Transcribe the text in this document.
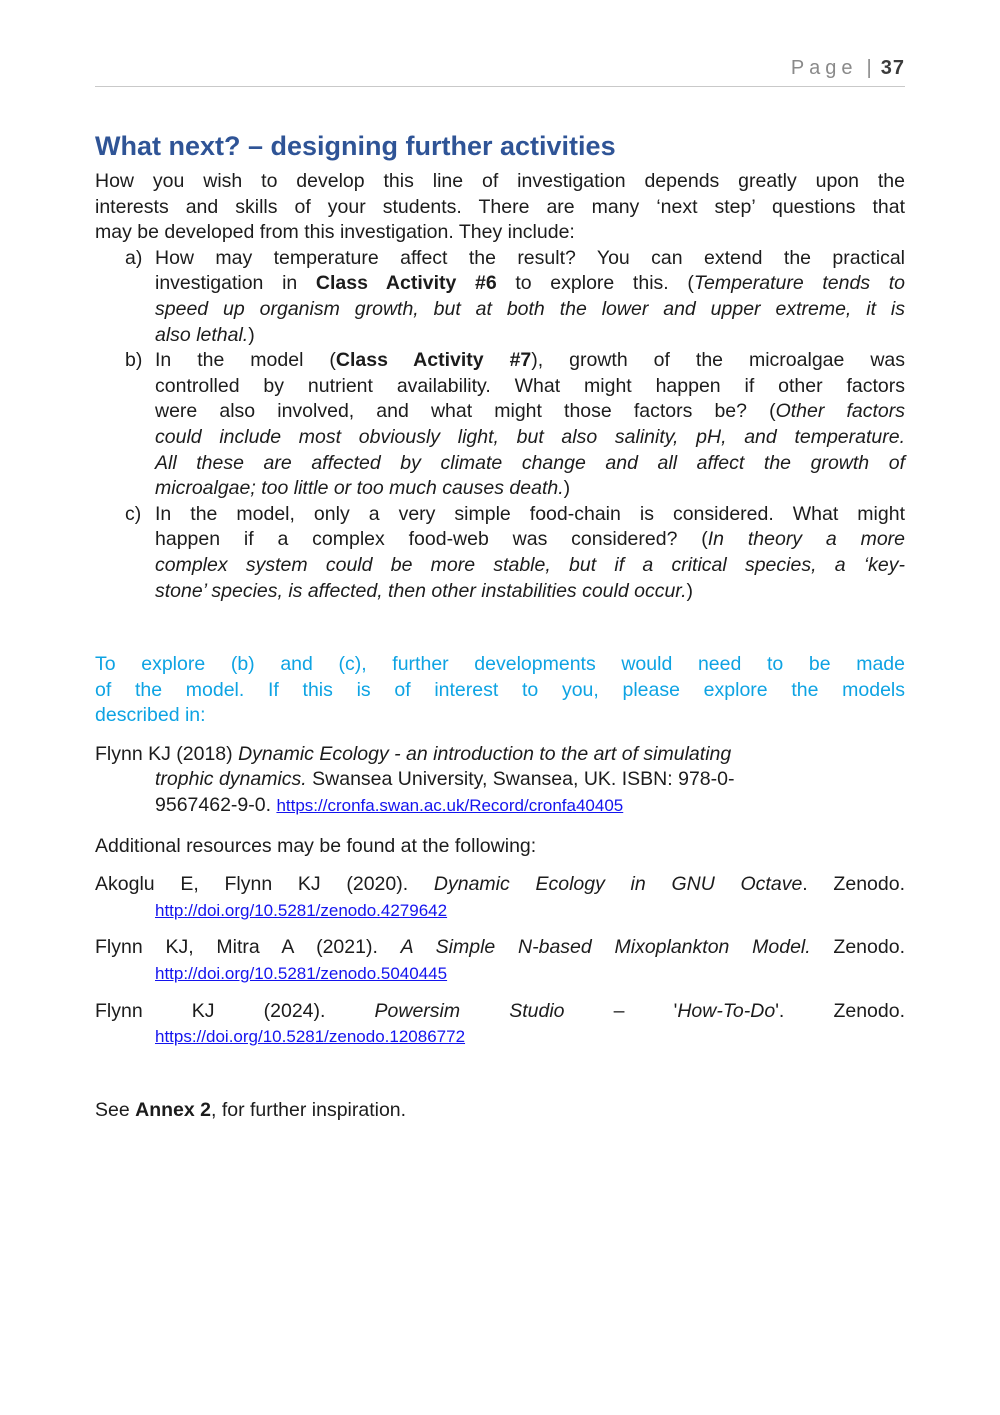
Page | 37
What next? – designing further activities
How you wish to develop this line of investigation depends greatly upon the
interests and skills of your students. There are many ‘next step’ questions that
may be developed from this investigation. They include:
a) How may temperature affect the result? You can extend the practical
investigation in Class Activity #6 to explore this. (Temperature tends to
speed up organism growth, but at both the lower and upper extreme, it is
also lethal.)
b) In the model (Class Activity #7), growth of the microalgae was
controlled by nutrient availability. What might happen if other factors
were also involved, and what might those factors be? (Other factors
could include most obviously light, but also salinity, pH, and temperature.
All these are affected by climate change and all affect the growth of
microalgae; too little or too much causes death.)
c) In the model, only a very simple food-chain is considered. What might
happen if a complex food-web was considered? (In theory a more
complex system could be more stable, but if a critical species, a ‘key-
stone’ species, is affected, then other instabilities could occur.)
To explore (b) and (c), further developments would need to be made
of the model. If this is of interest to you, please explore the models
described in:
Flynn KJ (2018) Dynamic Ecology - an introduction to the art of simulating
trophic dynamics. Swansea University, Swansea, UK. ISBN: 978-0-
9567462-9-0. https://cronfa.swan.ac.uk/Record/cronfa40405
Additional resources may be found at the following:
Akoglu E, Flynn KJ (2020). Dynamic Ecology in GNU Octave. Zenodo.
http://doi.org/10.5281/zenodo.4279642
Flynn KJ, Mitra A (2021). A Simple N-based Mixoplankton Model. Zenodo.
http://doi.org/10.5281/zenodo.5040445
Flynn KJ (2024). Powersim Studio – 'How-To-Do'. Zenodo.
https://doi.org/10.5281/zenodo.12086772
See Annex 2, for further inspiration.
